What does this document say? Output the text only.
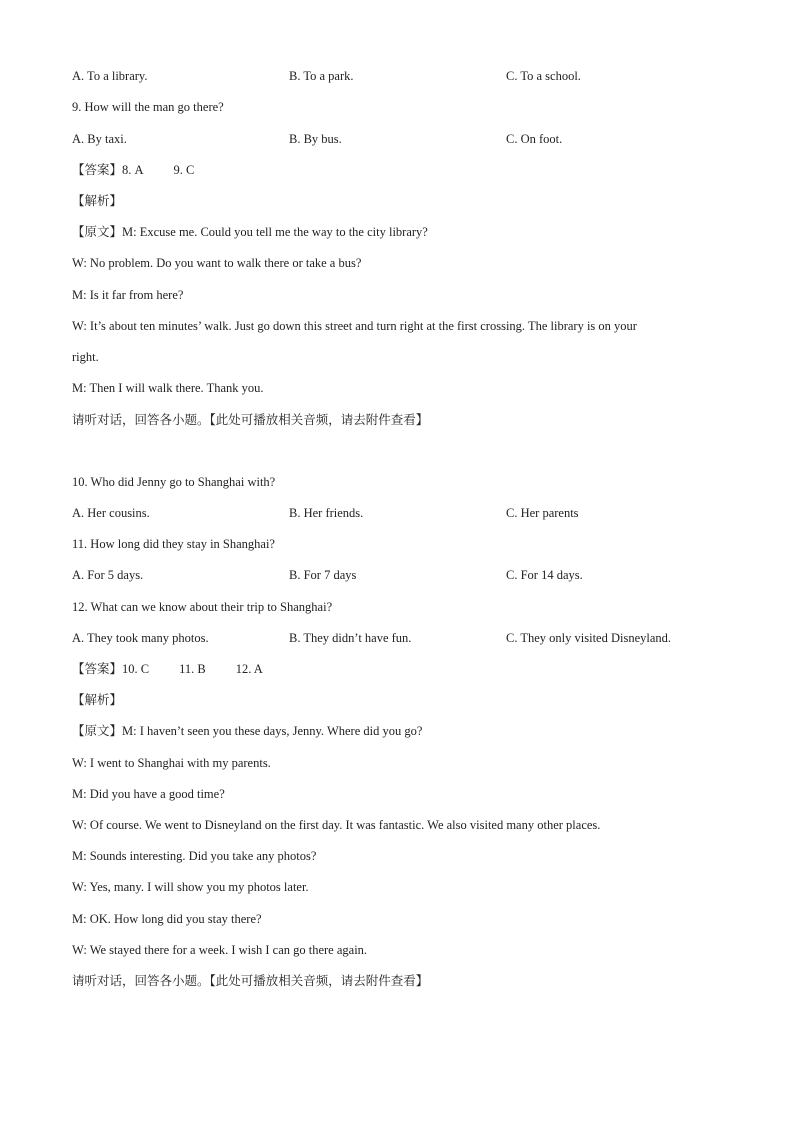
A. To a library.	B. To a park.	C. To a school.
9. How will the man go there?
A. By taxi.	B. By bus.	C. On foot.
【答案】8. A 9. C
【解析】
【原文】M: Excuse me. Could you tell me the way to the city library?
W: No problem. Do you want to walk there or take a bus?
M: Is it far from here?
W: It’s about ten minutes’ walk. Just go down this street and turn right at the first crossing. The library is on your
right.
M: Then I will walk there. Thank you.
请听对话，回答各小题。【此处可播放相关音频，请去附件查看】
10. Who did Jenny go to Shanghai with?
A. Her cousins.	B. Her friends.	C. Her parents
11. How long did they stay in Shanghai?
A. For 5 days.	B. For 7 days	C. For 14 days.
12. What can we know about their trip to Shanghai?
A. They took many photos.	B. They didn’t have fun.	C. They only visited Disneyland.
【答案】10. C 11. B 12. A
【解析】
【原文】M: I haven’t seen you these days, Jenny. Where did you go?
W: I went to Shanghai with my parents.
M: Did you have a good time?
W: Of course. We went to Disneyland on the first day. It was fantastic. We also visited many other places.
M: Sounds interesting. Did you take any photos?
W: Yes, many. I will show you my photos later.
M: OK. How long did you stay there?
W: We stayed there for a week. I wish I can go there again.
请听对话，回答各小题。【此处可播放相关音频，请去附件查看】
